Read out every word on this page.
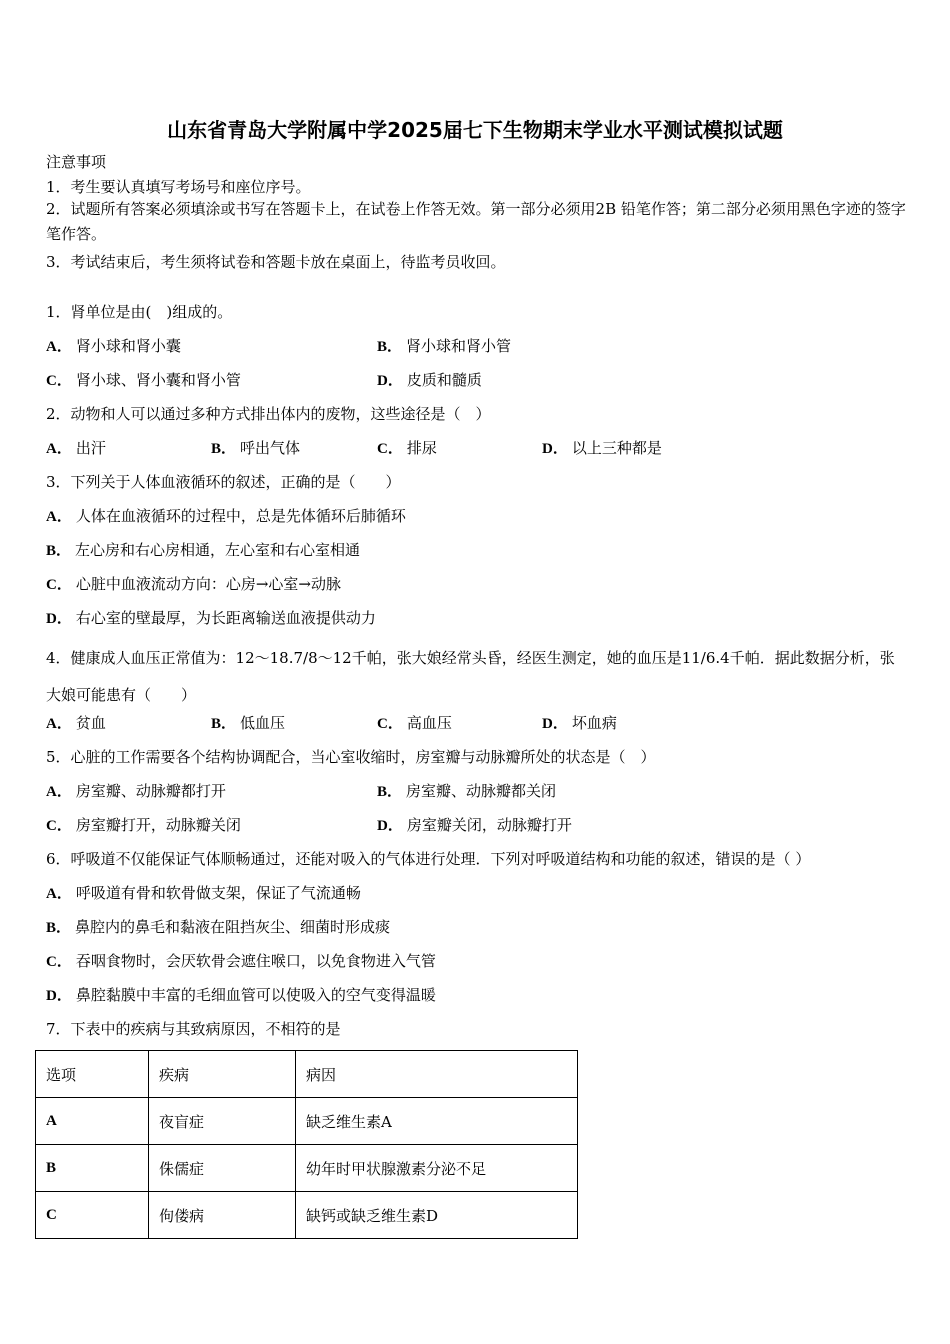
山东省青岛大学附属中学2025届七下生物期末学业水平测试模拟试题
注意事项
1．考生要认真填写考场号和座位序号。
2．试题所有答案必须填涂或书写在答题卡上，在试卷上作答无效。第一部分必须用2B 铅笔作答；第二部分必须用黑色字迹的签字笔作答。
3．考试结束后，考生须将试卷和答题卡放在桌面上，待监考员收回。
1．肾单位是由(　)组成的。
A． 肾小球和肾小囊	B． 肾小球和肾小管
C． 肾小球、肾小囊和肾小管	D． 皮质和髓质
2．动物和人可以通过多种方式排出体内的废物，这些途径是（　）
A． 出汗	B． 呼出气体	C． 排尿	D． 以上三种都是
3．下列关于人体血液循环的叙述，正确的是（　　）
A． 人体在血液循环的过程中，总是先体循环后肺循环
B． 左心房和右心房相通，左心室和右心室相通
C． 心脏中血液流动方向：心房→心室→动脉
D． 右心室的壁最厚，为长距离输送血液提供动力
4．健康成人血压正常值为：12～18.7/8～12千帕，张大娘经常头昏，经医生测定，她的血压是11/6.4千帕．据此数据分析，张大娘可能患有（　　）
A． 贫血	B． 低血压	C． 高血压	D． 坏血病
5．心脏的工作需要各个结构协调配合，当心室收缩时，房室瓣与动脉瓣所处的状态是（　）
A． 房室瓣、动脉瓣都打开	B． 房室瓣、动脉瓣都关闭
C． 房室瓣打开，动脉瓣关闭	D． 房室瓣关闭，动脉瓣打开
6．呼吸道不仅能保证气体顺畅通过，还能对吸入的气体进行处理．下列对呼吸道结构和功能的叙述，错误的是（ ）
A． 呼吸道有骨和软骨做支架，保证了气流通畅
B． 鼻腔内的鼻毛和黏液在阻挡灰尘、细菌时形成痰
C． 吞咽食物时，会厌软骨会遮住喉口，以免食物进入气管
D． 鼻腔黏膜中丰富的毛细血管可以使吸入的空气变得温暖
7．下表中的疾病与其致病原因，不相符的是
选项	疾病	病因
A	夜盲症	缺乏维生素A
B	侏儒症	幼年时甲状腺激素分泌不足
C	佝偻病	缺钙或缺乏维生素D
